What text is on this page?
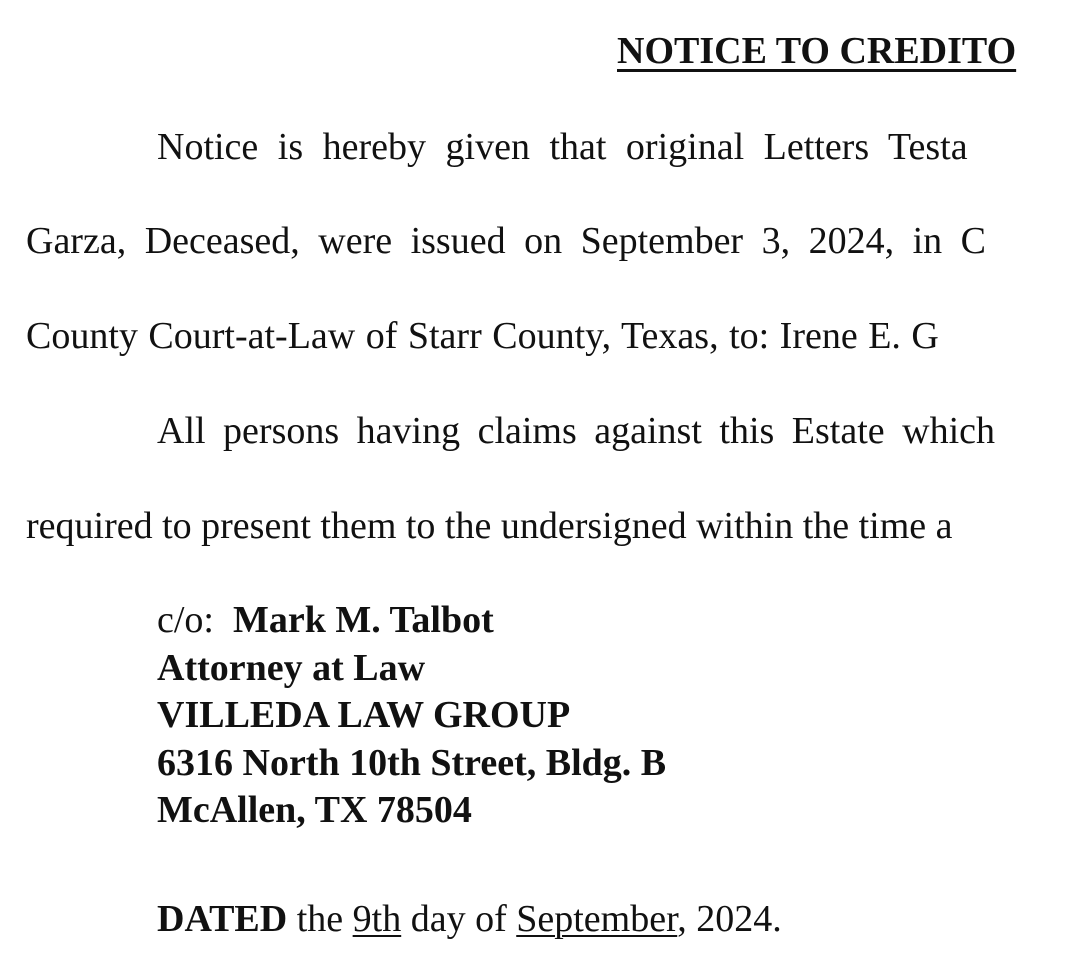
NOTICE TO CREDITO
Notice is hereby given that original Letters Testa
Garza, Deceased, were issued on September 3, 2024, in C
County Court-at-Law of Starr County, Texas, to: Irene E. G
All persons having claims against this Estate which
required to present them to the undersigned within the time a
c/o: Mark M. Talbot
Attorney at Law
VILLEDA LAW GROUP
6316 North 10th Street, Bldg. B
McAllen, TX 78504
DATED the 9th day of September, 2024.
